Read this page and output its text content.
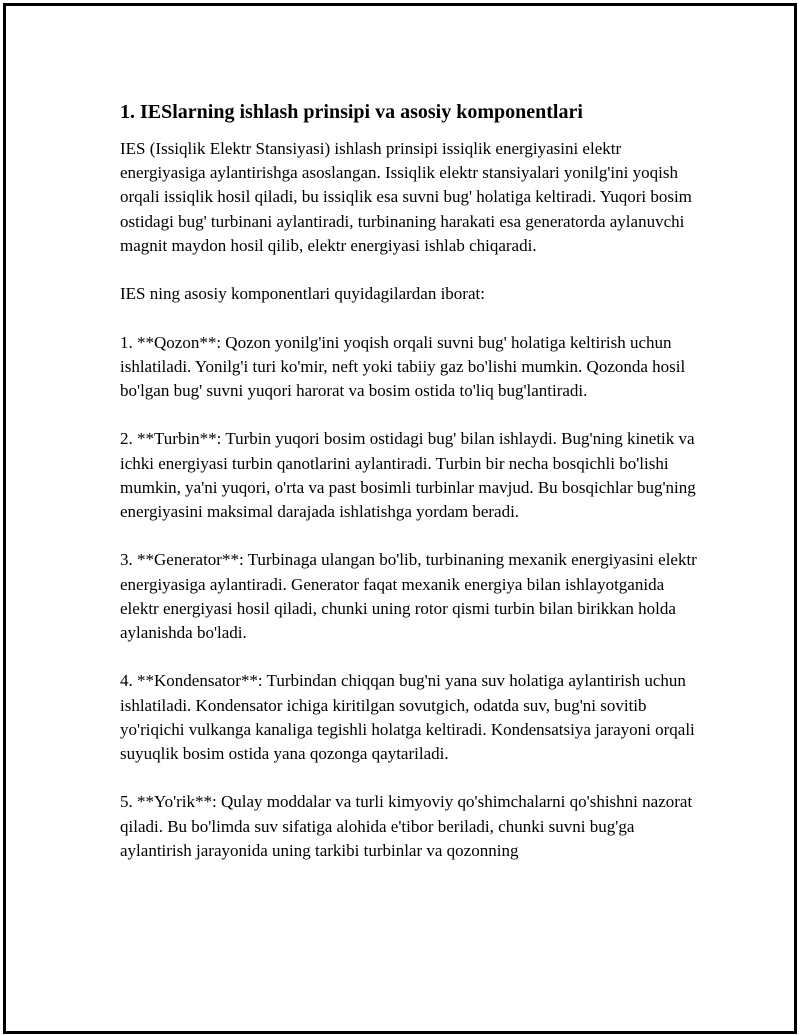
1. IESlarning ishlash prinsipi va asosiy komponentlari

IES (Issiqlik Elektr Stansiyasi) ishlash prinsipi issiqlik energiyasini elektr energiyasiga aylantirishga asoslangan. Issiqlik elektr stansiyalari yonilg'ini yoqish orqali issiqlik hosil qiladi, bu issiqlik esa suvni bug' holatiga keltiradi. Yuqori bosim ostidagi bug' turbinani aylantiradi, turbinaning harakati esa generatorda aylanuvchi magnit maydon hosil qilib, elektr energiyasi ishlab chiqaradi.

IES ning asosiy komponentlari quyidagilardan iborat:

1. **Qozon**: Qozon yonilg'ini yoqish orqali suvni bug' holatiga keltirish uchun ishlatiladi. Yonilg'i turi ko'mir, neft yoki tabiiy gaz bo'lishi mumkin. Qozonda hosil bo'lgan bug' suvni yuqori harorat va bosim ostida to'liq bug'lantiradi.

2. **Turbin**: Turbin yuqori bosim ostidagi bug' bilan ishlaydi. Bug'ning kinetik va ichki energiyasi turbin qanotlarini aylantiradi. Turbin bir necha bosqichli bo'lishi mumkin, ya'ni yuqori, o'rta va past bosimli turbinlar mavjud. Bu bosqichlar bug'ning energiyasini maksimal darajada ishlatishga yordam beradi.

3. **Generator**: Turbinaga ulangan bo'lib, turbinaning mexanik energiyasini elektr energiyasiga aylantiradi. Generator faqat mexanik energiya bilan ishlayotganida elektr energiyasi hosil qiladi, chunki uning rotor qismi turbin bilan birikkan holda aylanishda bo'ladi.

4. **Kondensator**: Turbindan chiqqan bug'ni yana suv holatiga aylantirish uchun ishlatiladi. Kondensator ichiga kiritilgan sovutgich, odatda suv, bug'ni sovitib yo'riqichi vulkanga kanaliga tegishli holatga keltiradi. Kondensatsiya jarayoni orqali suyuqlik bosim ostida yana qozonga qaytariladi.

5. **Yo'rik**: Qulay moddalar va turli kimyoviy qo'shimchalarni qo'shishni nazorat qiladi. Bu bo'limda suv sifatiga alohida e'tibor beriladi, chunki suvni bug'ga aylantirish jarayonida uning tarkibi turbinlar va qozonning
